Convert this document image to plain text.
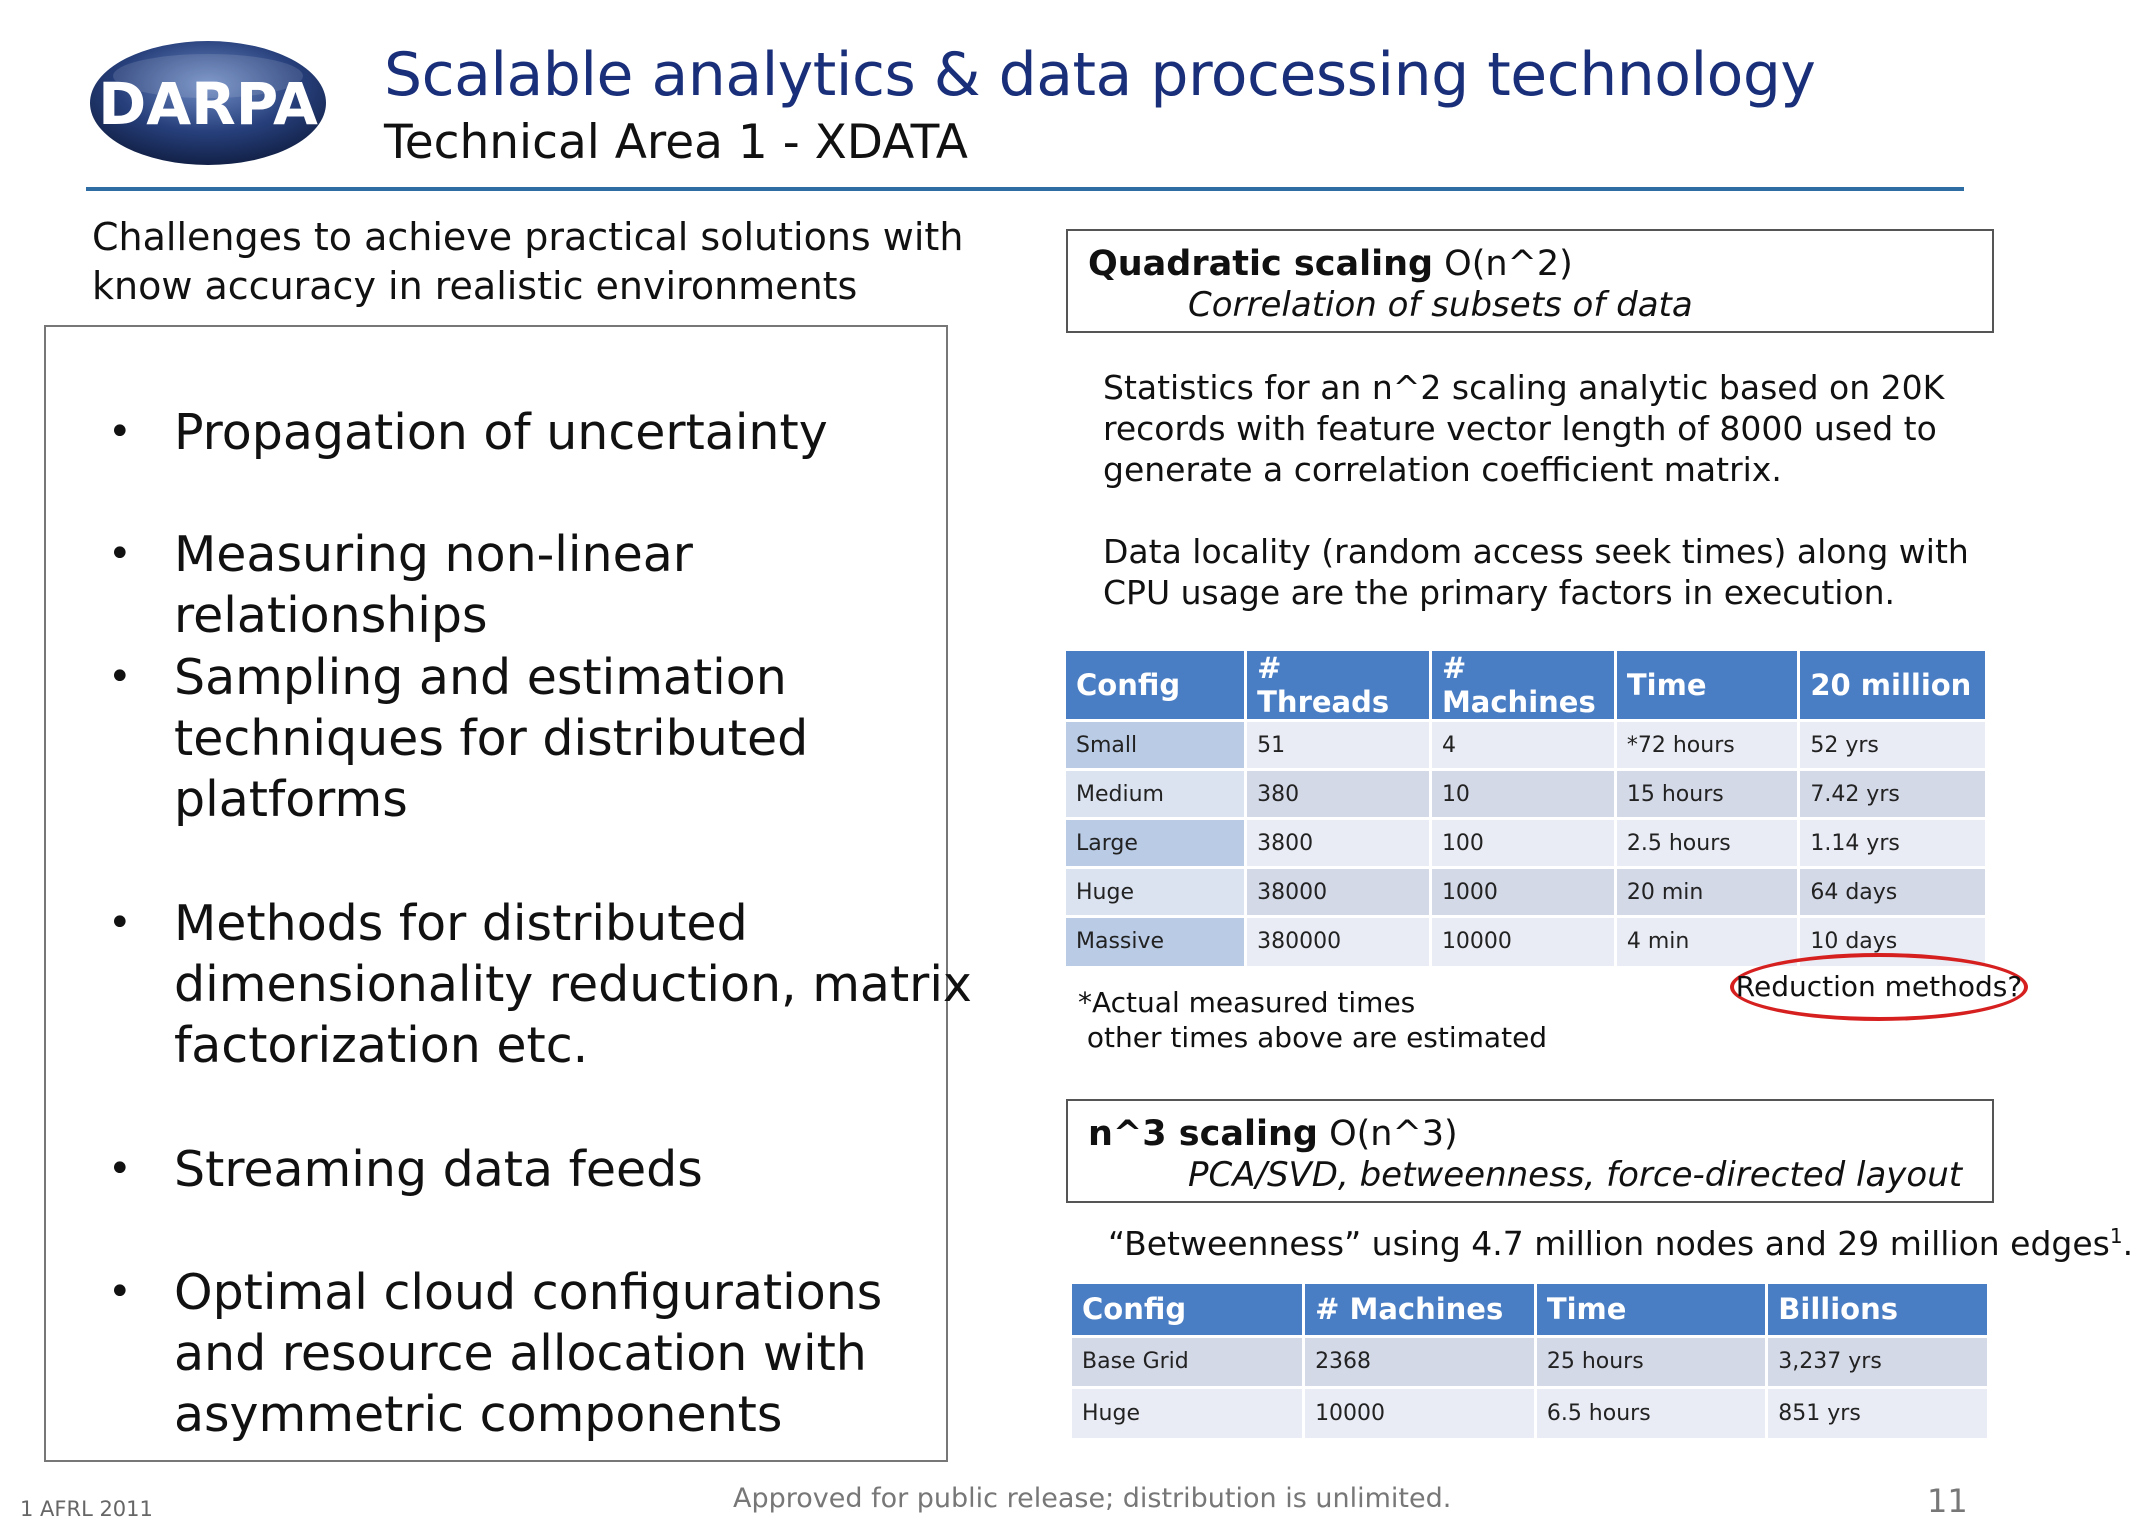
DARPA Scalable analytics & data processing technology
Technical Area 1 - XDATA
Challenges to achieve practical solutions with know accuracy in realistic environments
• Propagation of uncertainty
• Measuring non-linear relationships
• Sampling and estimation techniques for distributed platforms
• Methods for distributed dimensionality reduction, matrix factorization etc.
• Streaming data feeds
• Optimal cloud configurations and resource allocation with asymmetric components
Quadratic scaling O(n^2)
Correlation of subsets of data
Statistics for an n^2 scaling analytic based on 20K records with feature vector length of 8000 used to generate a correlation coefficient matrix.
Data locality (random access seek times) along with CPU usage are the primary factors in execution.
Config	# Threads	# Machines	Time	20 million
Small	51	4	*72 hours	52 yrs
Medium	380	10	15 hours	7.42 yrs
Large	3800	100	2.5 hours	1.14 yrs
Huge	38000	1000	20 min	64 days
Massive	380000	10000	4 min	10 days
*Actual measured times
other times above are estimated
Reduction methods?
n^3 scaling O(n^3)
PCA/SVD, betweenness, force-directed layout
“Betweenness” using 4.7 million nodes and 29 million edges$^1$.
Config	# Machines	Time	Billions
Base Grid	2368	25 hours	3,237 yrs
Huge	10000	6.5 hours	851 yrs
1 AFRL 2011	Approved for public release; distribution is unlimited.	11
